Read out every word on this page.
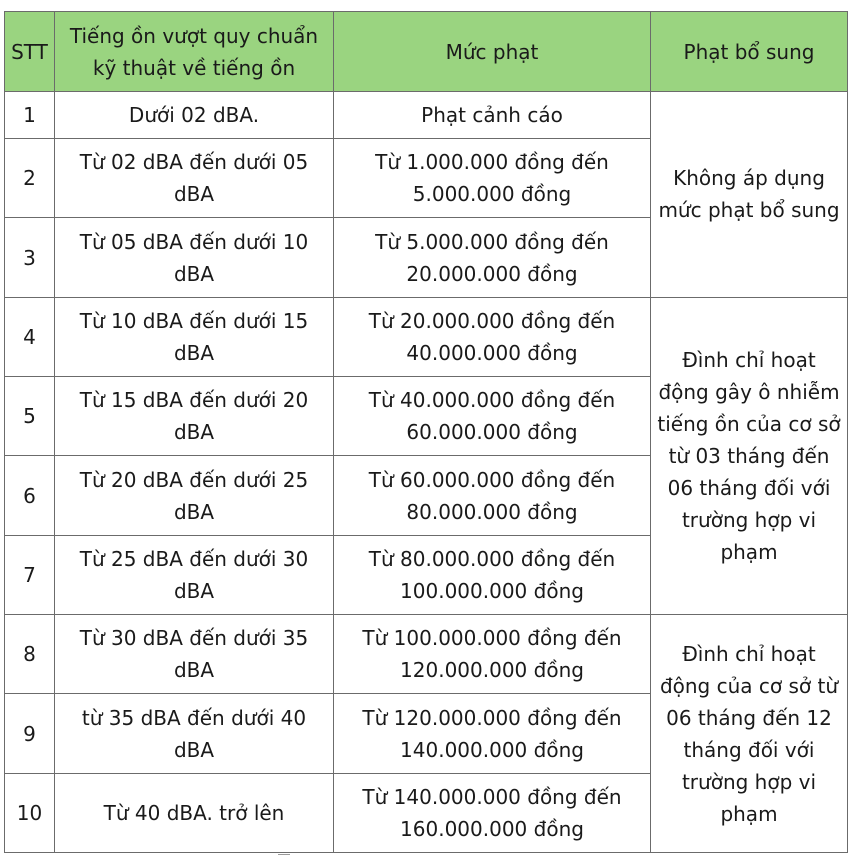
STT	Tiếng ồn vượt quy chuẩn kỹ thuật về tiếng ồn	Mức phạt	Phạt bổ sung
1	Dưới 02 dBA.	Phạt cảnh cáo	Không áp dụng mức phạt bổ sung
2	Từ 02 dBA đến dưới 05 dBA	Từ 1.000.000 đồng đến 5.000.000 đồng	
3	Từ 05 dBA đến dưới 10 dBA	Từ 5.000.000 đồng đến 20.000.000 đồng	
4	Từ 10 dBA đến dưới 15 dBA	Từ 20.000.000 đồng đến 40.000.000 đồng	Đình chỉ hoạt động gây ô nhiễm tiếng ồn của cơ sở từ 03 tháng đến 06 tháng đối với trường hợp vi phạm
5	Từ 15 dBA đến dưới 20 dBA	Từ 40.000.000 đồng đến 60.000.000 đồng	
6	Từ 20 dBA đến dưới 25 dBA	Từ 60.000.000 đồng đến 80.000.000 đồng	
7	Từ 25 dBA đến dưới 30 dBA	Từ 80.000.000 đồng đến 100.000.000 đồng	
8	Từ 30 dBA đến dưới 35 dBA	Từ 100.000.000 đồng đến 120.000.000 đồng	Đình chỉ hoạt động của cơ sở từ 06 tháng đến 12 tháng đối với trường hợp vi phạm
9	từ 35 dBA đến dưới 40 dBA	Từ 120.000.000 đồng đến 140.000.000 đồng	
10	Từ 40 dBA. trở lên	Từ 140.000.000 đồng đến 160.000.000 đồng	
